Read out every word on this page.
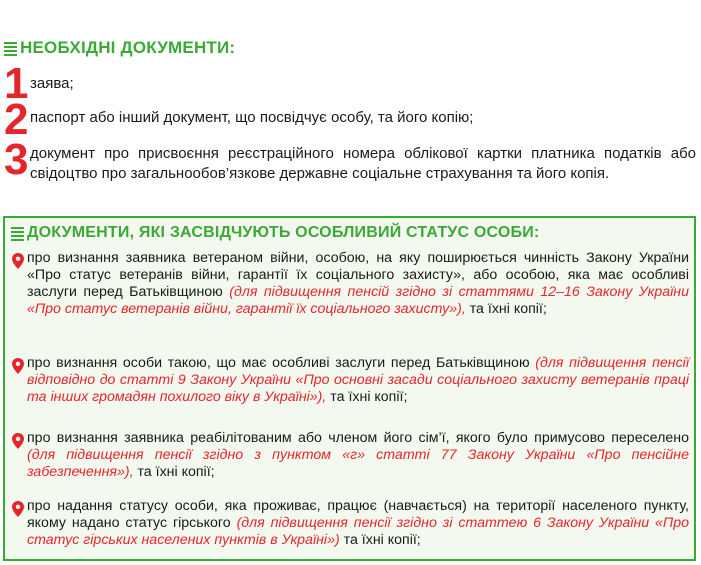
НЕОБХІДНІ ДОКУМЕНТИ:
1 заява;
2 паспорт або інший документ, що посвідчує особу, та його копію;
3 документ про присвоєння реєстраційного номера облікової картки платника податків або свідоцтво про загальнообов’язкове державне соціальне страхування та його копія.
ДОКУМЕНТИ, ЯКІ ЗАСВІДЧУЮТЬ ОСОБЛИВИЙ СТАТУС ОСОБИ:
про визнання заявника ветераном війни, особою, на яку поширюється чинність Закону України «Про статус ветеранів війни, гарантії їх соціального захисту», або особою, яка має особливі заслуги перед Батьківщиною (для підвищення пенсій згідно зі статтями 12–16 Закону України «Про статус ветеранів війни, гарантії їх соціального захисту»), та їхні копії;
про визнання особи такою, що має особливі заслуги перед Батьківщиною (для підвищення пенсії відповідно до статті 9 Закону України «Про основні засади соціального захисту ветеранів праці та інших громадян похилого віку в Україні»), та їхні копії;
про визнання заявника реабілітованим або членом його сім’ї, якого було примусово переселено (для підвищення пенсії згідно з пунктом «г» статті 77 Закону України «Про пенсійне забезпечення»), та їхні копії;
про надання статусу особи, яка проживає, працює (навчається) на території населеного пункту, якому надано статус гірського (для підвищення пенсії згідно зі статтею 6 Закону України «Про статус гірських населених пунктів в Україні») та їхні копії;
